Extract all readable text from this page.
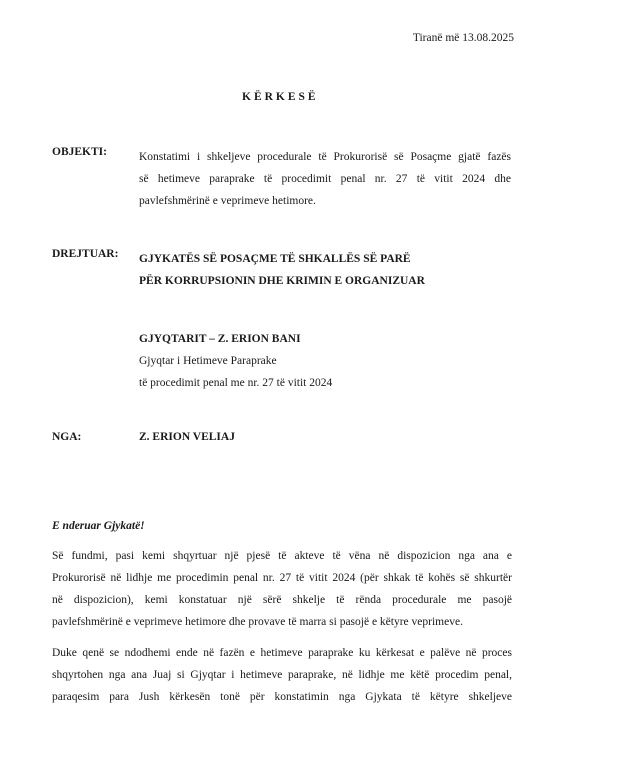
Tiranë më 13.08.2025
KËRKESË
OBJEKTI:	Konstatimi i shkeljeve procedurale të Prokurorisë së Posaçme gjatë fazës
së hetimeve paraprake të procedimit penal nr. 27 të vitit 2024 dhe
pavlefshmërinë e veprimeve hetimore.
DREJTUAR: GJYKATËS SË POSAÇME TË SHKALLËS SË PARË
PËR KORRUPSIONIN DHE KRIMIN E ORGANIZUAR
GJYQTARIT – Z. ERION BANI
Gjyqtar i Hetimeve Paraprake
të procedimit penal me nr. 27 të vitit 2024
NGA:	Z. ERION VELIAJ
E nderuar Gjykatë!
Së fundmi, pasi kemi shqyrtuar një pjesë të akteve të vëna në dispozicion nga ana e
Prokurorisë në lidhje me procedimin penal nr. 27 të vitit 2024 (për shkak të kohës së shkurtër
në dispozicion), kemi konstatuar një sërë shkelje të rënda procedurale me pasojë
pavlefshmërinë e veprimeve hetimore dhe provave të marra si pasojë e këtyre veprimeve.
Duke qenë se ndodhemi ende në fazën e hetimeve paraprake ku kërkesat e palëve në proces
shqyrtohen nga ana Juaj si Gjyqtar i hetimeve paraprake, në lidhje me këtë procedim penal,
paraqesim para Jush kërkesën tonë për konstatimin nga Gjykata të këtyre shkeljeve
